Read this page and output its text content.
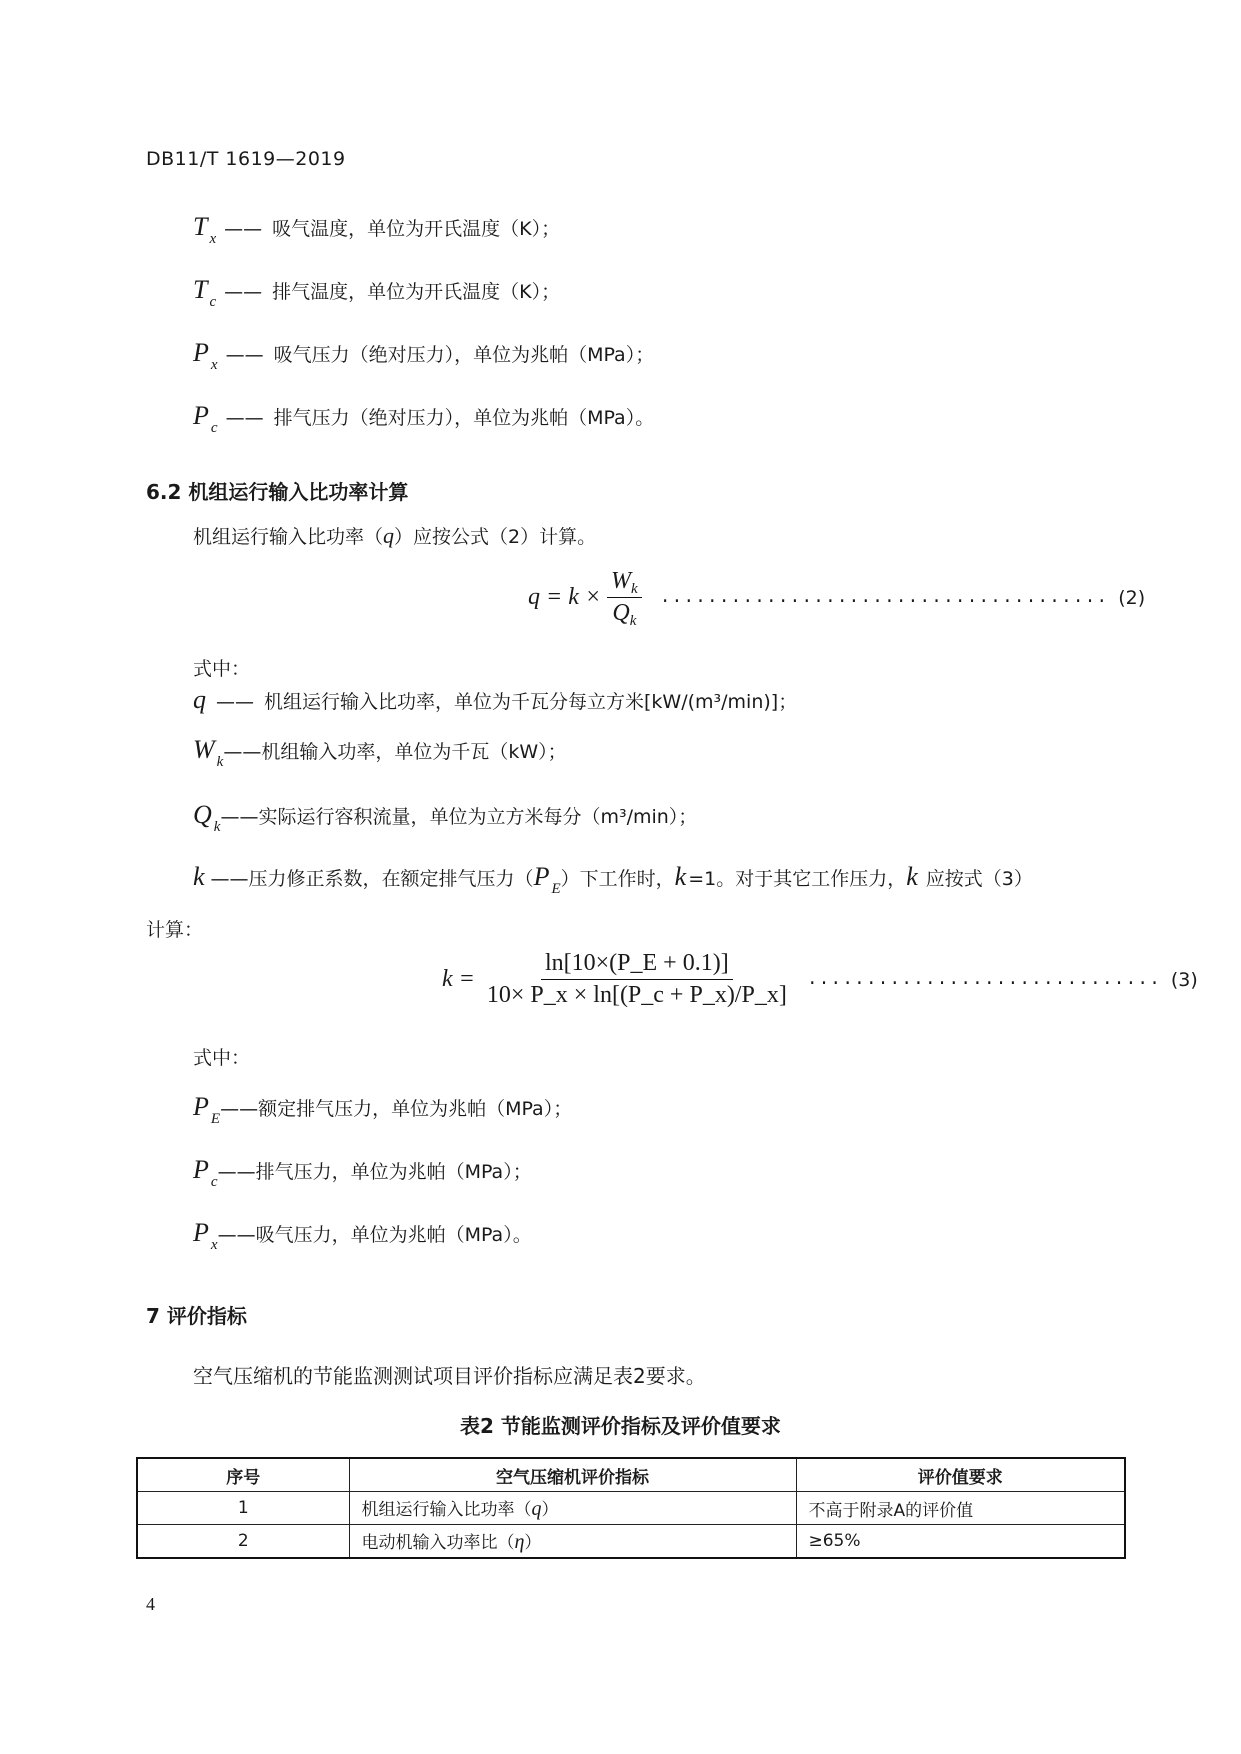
DB11/T 1619—2019
T x —— 吸气温度，单位为开氏温度（K）；
T c —— 排气温度，单位为开氏温度（K）；
P x —— 吸气压力（绝对压力），单位为兆帕（MPa）；
P c —— 排气压力（绝对压力），单位为兆帕（MPa）。
6.2 机组运行输入比功率计算
机组运行输入比功率（q）应按公式（2）计算。
$q = k \times \frac{W_k}{Q_k}$ ...................................... (2)
式中：
q —— 机组运行输入比功率，单位为千瓦分每立方米[kW/(m³/min)]；
W k —— 机组输入功率，单位为千瓦（kW）；
Q k —— 实际运行容积流量，单位为立方米每分（m³/min）；
k —— 压力修正系数，在额定排气压力（ P E ）下工作时， k =1。对于其它工作压力， k 应按式（3）
计算：
$k = \frac{\ln[10\times(P\_E + 0.1)]}{10\times P\_x \times \ln[(P\_c + P\_x)/P\_x]}$ .............................. (3)
式中：
P E —— 额定排气压力，单位为兆帕（MPa）；
P c —— 排气压力，单位为兆帕（MPa）；
P x —— 吸气压力，单位为兆帕（MPa）。
7 评价指标
空气压缩机的节能监测测试项目评价指标应满足表2要求。
表2 节能监测评价指标及评价值要求
序号	空气压缩机评价指标	评价值要求
1	机组运行输入比功率（q）	不高于附录A的评价值
2	电动机输入功率比（η）	≥65%
4
